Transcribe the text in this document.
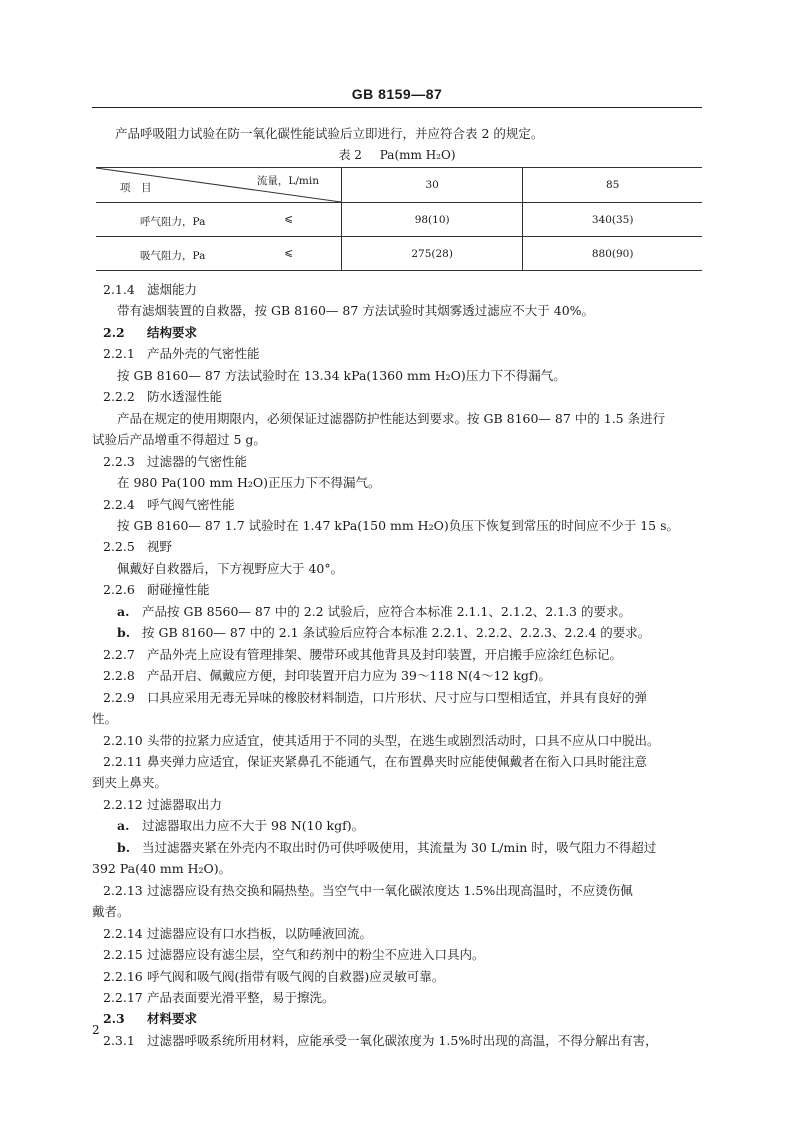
GB 8159—87
产品呼吸阻力试验在防一氧化碳性能试验后立即进行，并应符合表 2 的规定。
表 2 Pa(mm H₂O)
流量，L/min
项　目	30	85

呼气阻力，Pa ⩽	98(10)	340(35)

吸气阻力，Pa ⩽	275(28)	880(90)
2.1.4 滤烟能力
带有滤烟装置的自救器，按 GB 8160— 87 方法试验时其烟雾透过滤应不大于 40%。
2.2 结构要求
2.2.1 产品外壳的气密性能
按 GB 8160— 87 方法试验时在 13.34 kPa(1360 mm H₂O)压力下不得漏气。
2.2.2 防水透湿性能
产品在规定的使用期限内，必须保证过滤器防护性能达到要求。按 GB 8160— 87 中的 1.5 条进行
试验后产品增重不得超过 5 g。
2.2.3 过滤器的气密性能
在 980 Pa(100 mm H₂O)正压力下不得漏气。
2.2.4 呼气阀气密性能
按 GB 8160— 87 1.7 试验时在 1.47 kPa(150 mm H₂O)负压下恢复到常压的时间应不少于 15 s。
2.2.5 视野
佩戴好自救器后，下方视野应大于 40°。
2.2.6 耐碰撞性能
a. 产品按 GB 8560— 87 中的 2.2 试验后，应符合本标准 2.1.1、2.1.2、2.1.3 的要求。
b. 按 GB 8160— 87 中的 2.1 条试验后应符合本标准 2.2.1、2.2.2、2.2.3、2.2.4 的要求。
2.2.7 产品外壳上应设有管理排架、腰带环或其他背具及封印装置，开启搬手应涂红色标记。
2.2.8 产品开启、佩戴应方便，封印装置开启力应为 39～118 N(4～12 kgf)。
2.2.9 口具应采用无毒无异味的橡胶材料制造，口片形状、尺寸应与口型相适宜，并具有良好的弹
性。
2.2.10 头带的拉紧力应适宜，使其适用于不同的头型，在逃生或剧烈活动时，口具不应从口中脱出。
2.2.11 鼻夹弹力应适宜，保证夹紧鼻孔不能通气，在布置鼻夹时应能使佩戴者在衔入口具时能注意
到夹上鼻夹。
2.2.12 过滤器取出力
a. 过滤器取出力应不大于 98 N(10 kgf)。
b. 当过滤器夹紧在外壳内不取出时仍可供呼吸使用，其流量为 30 L/min 时，吸气阻力不得超过
392 Pa(40 mm H₂O)。
2.2.13 过滤器应设有热交换和隔热垫。当空气中一氧化碳浓度达 1.5%出现高温时，不应烫伤佩
戴者。
2.2.14 过滤器应设有口水挡板，以防唾液回流。
2.2.15 过滤器应设有滤尘层，空气和药剂中的粉尘不应进入口具内。
2.2.16 呼气阀和吸气阀(指带有吸气阀的自救器)应灵敏可靠。
2.2.17 产品表面要光滑平整，易于擦洗。
2.3 材料要求
2.3.1 过滤器呼吸系统所用材料，应能承受一氧化碳浓度为 1.5%时出现的高温，不得分解出有害，
2
